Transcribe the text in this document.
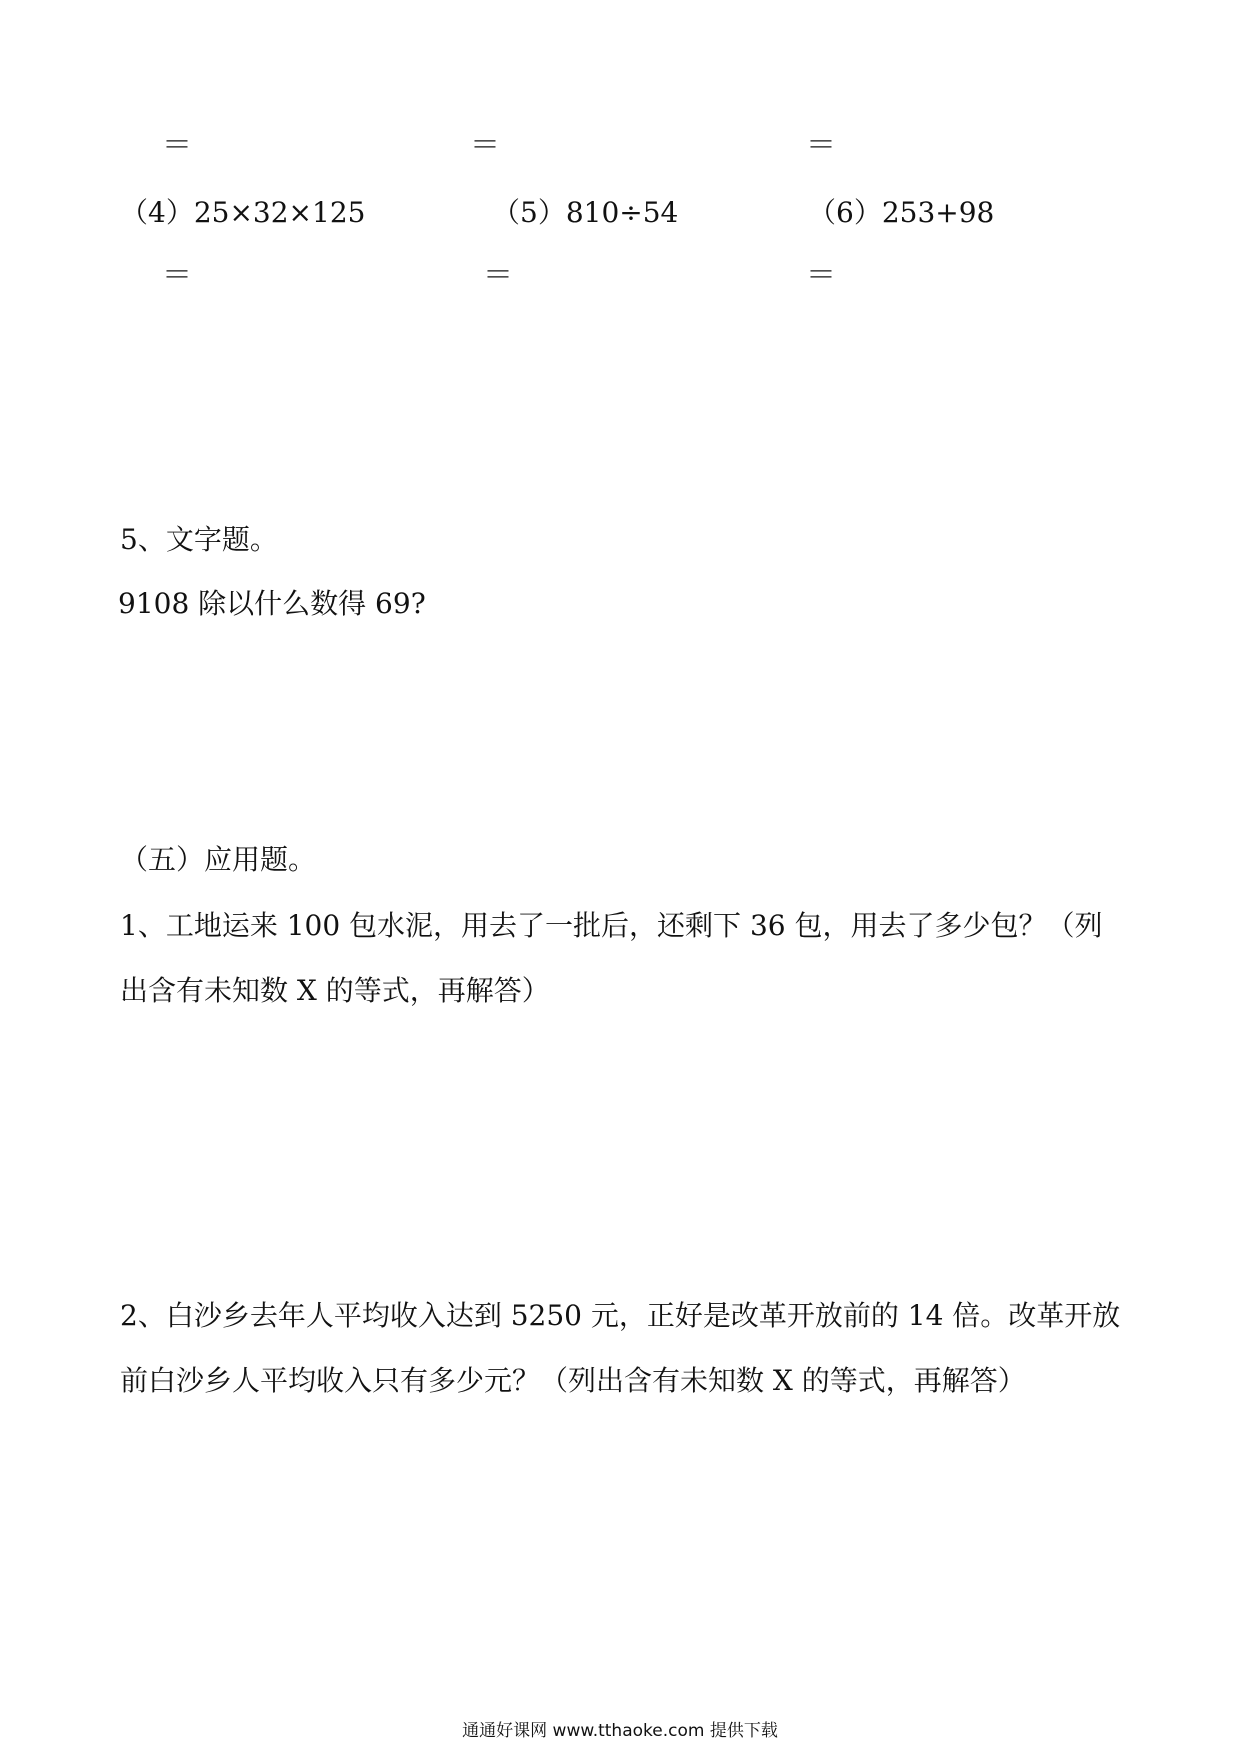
＝	＝	＝
（4）25×32×125	（5）810÷54	（6）253+98
＝	＝	＝
5、文字题。
9108 除以什么数得 69?
（五）应用题。
1、工地运来 100 包水泥，用去了一批后，还剩下 36 包，用去了多少包？（列
出含有未知数 X 的等式，再解答）
2、白沙乡去年人平均收入达到 5250 元，正好是改革开放前的 14 倍。改革开放
前白沙乡人平均收入只有多少元？（列出含有未知数 X 的等式，再解答）
通通好课网 www.tthaoke.com 提供下载
